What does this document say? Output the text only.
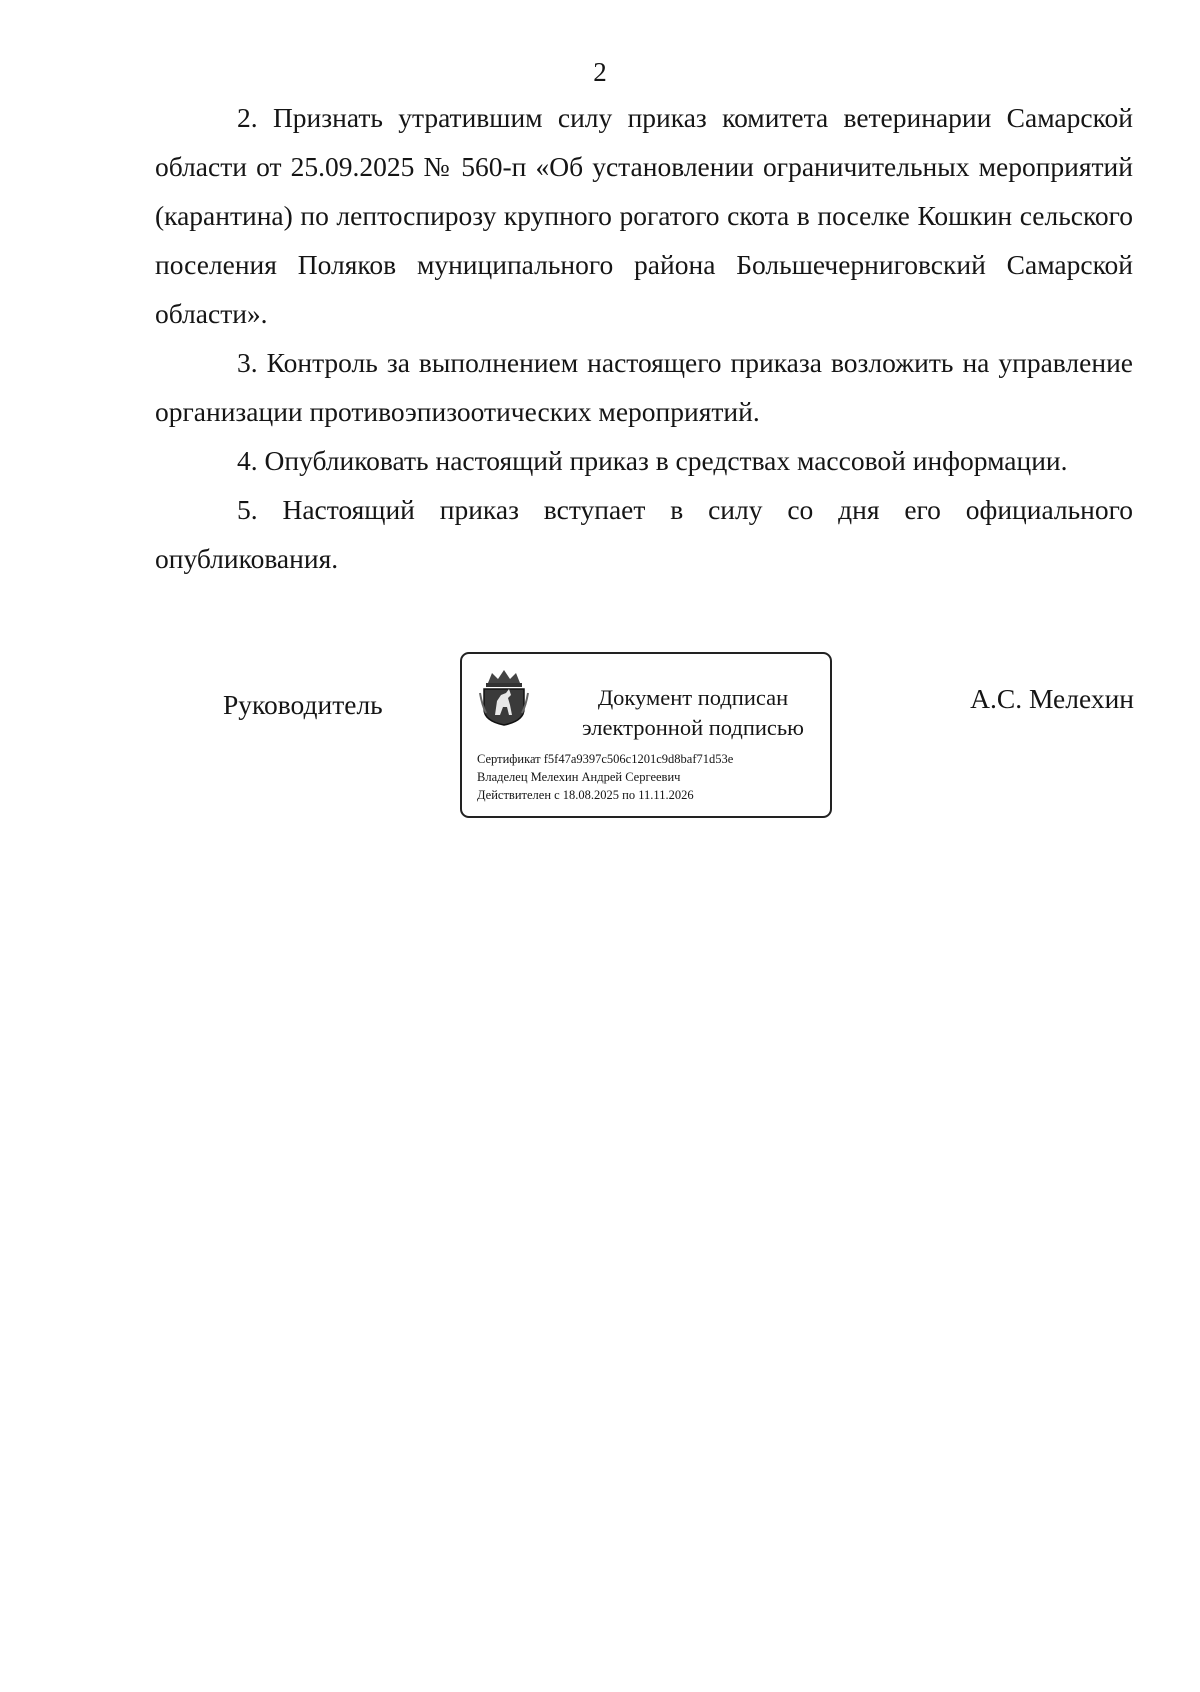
2

2. Признать утратившим силу приказ комитета ветеринарии Самарской области от 25.09.2025 № 560-п «Об установлении ограничительных мероприятий (карантина) по лептоспирозу крупного рогатого скота в поселке Кошкин сельского поселения Поляков муниципального района Большечерниговский Самарской области».

3. Контроль за выполнением настоящего приказа возложить на управление организации противоэпизоотических мероприятий.

4. Опубликовать настоящий приказ в средствах массовой информации.

5. Настоящий приказ вступает в силу со дня его официального опубликования.

Руководитель	Документ подписан
электронной подписью
Сертификат f5f47a9397c506c1201c9d8baf71d53e
Владелец Мелехин Андрей Сергеевич
Действителен с 18.08.2025 по 11.11.2026
А.С. Мелехин
